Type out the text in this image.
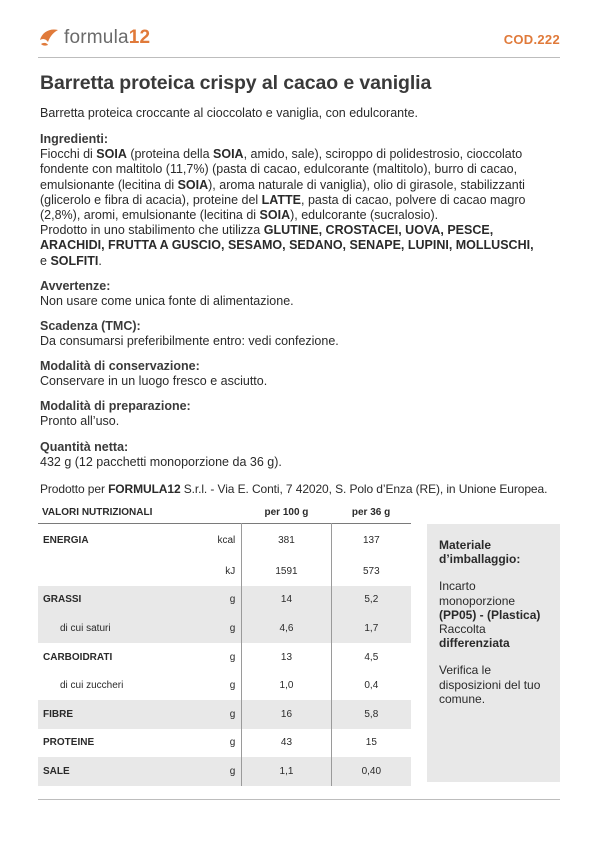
formula12	COD.222
Barretta proteica crispy al cacao e vaniglia

Barretta proteica croccante al cioccolato e vaniglia, con edulcorante.

Ingredienti:

Fiocchi di SOIA (proteina della SOIA, amido, sale), sciroppo di polidestrosio, cioccolato fondente con maltitolo (11,7%) (pasta di cacao, edulcorante (maltitolo), burro di cacao, emulsionante (lecitina di SOIA), aroma naturale di vaniglia), olio di girasole, stabilizzanti (glicerolo e fibra di acacia), proteine del LATTE, pasta di cacao, polvere di cacao magro (2,8%), aromi, emulsionante (lecitina di SOIA), edulcorante (sucralosio).

Prodotto in uno stabilimento che utilizza GLUTINE, CROSTACEI, UOVA, PESCE, ARACHIDI, FRUTTA A GUSCIO, SESAMO, SEDANO, SENAPE, LUPINI, MOLLUSCHI,
e SOLFITI.

Avvertenze:

Non usare come unica fonte di alimentazione.

Scadenza (TMC):

Da consumarsi preferibilmente entro: vedi confezione.

Modalità di conservazione:

Conservare in un luogo fresco e asciutto.

Modalità di preparazione:

Pronto all’uso.

Quantità netta:

432 g (12 pacchetti monoporzione da 36 g).

Prodotto per FORMULA12 S.r.l. - Via E. Conti, 7 42020, S. Polo d’Enza (RE), in Unione Europea.

VALORI NUTRIZIONALI		per 100 g	per 36 g
ENERGIA	kcal	381	137
	kJ	1591	573
GRASSI	g	14	5,2
di cui saturi	g	4,6	1,7
CARBOIDRATI	g	13	4,5
di cui zuccheri	g	1,0	0,4
FIBRE	g	16	5,8
PROTEINE	g	43	15
SALE	g	1,1	0,40

Materiale d’imballaggio:

Incarto monoporzione

(PP05) - (Plastica)

Raccolta

differenziata

Verifica le disposizioni del tuo comune.
